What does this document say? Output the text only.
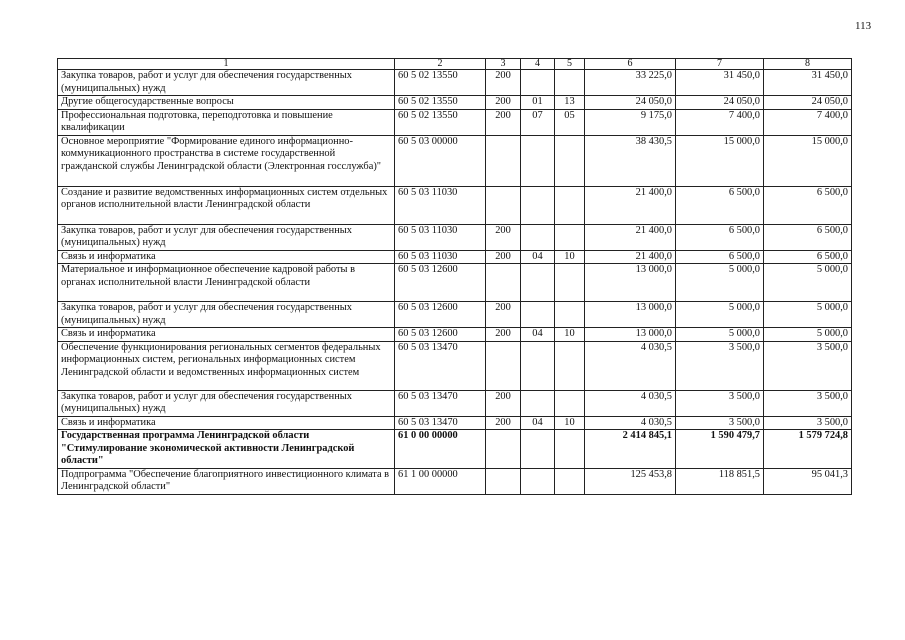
113
1	2	3	4	5	6	7	8
Закупка товаров, работ и услуг для обеспечения государственных (муниципальных) нужд	60 5 02 13550	200			33 225,0	31 450,0	31 450,0
Другие общегосударственные вопросы	60 5 02 13550	200	01	13	24 050,0	24 050,0	24 050,0
Профессиональная подготовка, переподготовка и повышение квалификации	60 5 02 13550	200	07	05	9 175,0	7 400,0	7 400,0
Основное мероприятие "Формирование единого информационно-коммуникационного пространства в системе государственной гражданской службы Ленинградской области (Электронная госслужба)"	60 5 03 00000				38 430,5	15 000,0	15 000,0
Создание и развитие ведомственных информационных систем отдельных органов исполнительной власти Ленинградской области	60 5 03 11030				21 400,0	6 500,0	6 500,0
Закупка товаров, работ и услуг для обеспечения государственных (муниципальных) нужд	60 5 03 11030	200			21 400,0	6 500,0	6 500,0
Связь и информатика	60 5 03 11030	200	04	10	21 400,0	6 500,0	6 500,0
Материальное и информационное обеспечение кадровой работы в органах исполнительной власти Ленинградской области	60 5 03 12600				13 000,0	5 000,0	5 000,0
Закупка товаров, работ и услуг для обеспечения государственных (муниципальных) нужд	60 5 03 12600	200			13 000,0	5 000,0	5 000,0
Связь и информатика	60 5 03 12600	200	04	10	13 000,0	5 000,0	5 000,0
Обеспечение функционирования региональных сегментов федеральных информационных систем, региональных информационных систем Ленинградской области и ведомственных информационных систем	60 5 03 13470				4 030,5	3 500,0	3 500,0
Закупка товаров, работ и услуг для обеспечения государственных (муниципальных) нужд	60 5 03 13470	200			4 030,5	3 500,0	3 500,0
Связь и информатика	60 5 03 13470	200	04	10	4 030,5	3 500,0	3 500,0
Государственная программа Ленинградской области "Стимулирование экономической активности Ленинградской области"	61 0 00 00000				2 414 845,1	1 590 479,7	1 579 724,8
Подпрограмма "Обеспечение благоприятного инвестиционного климата в Ленинградской области"	61 1 00 00000				125 453,8	118 851,5	95 041,3
